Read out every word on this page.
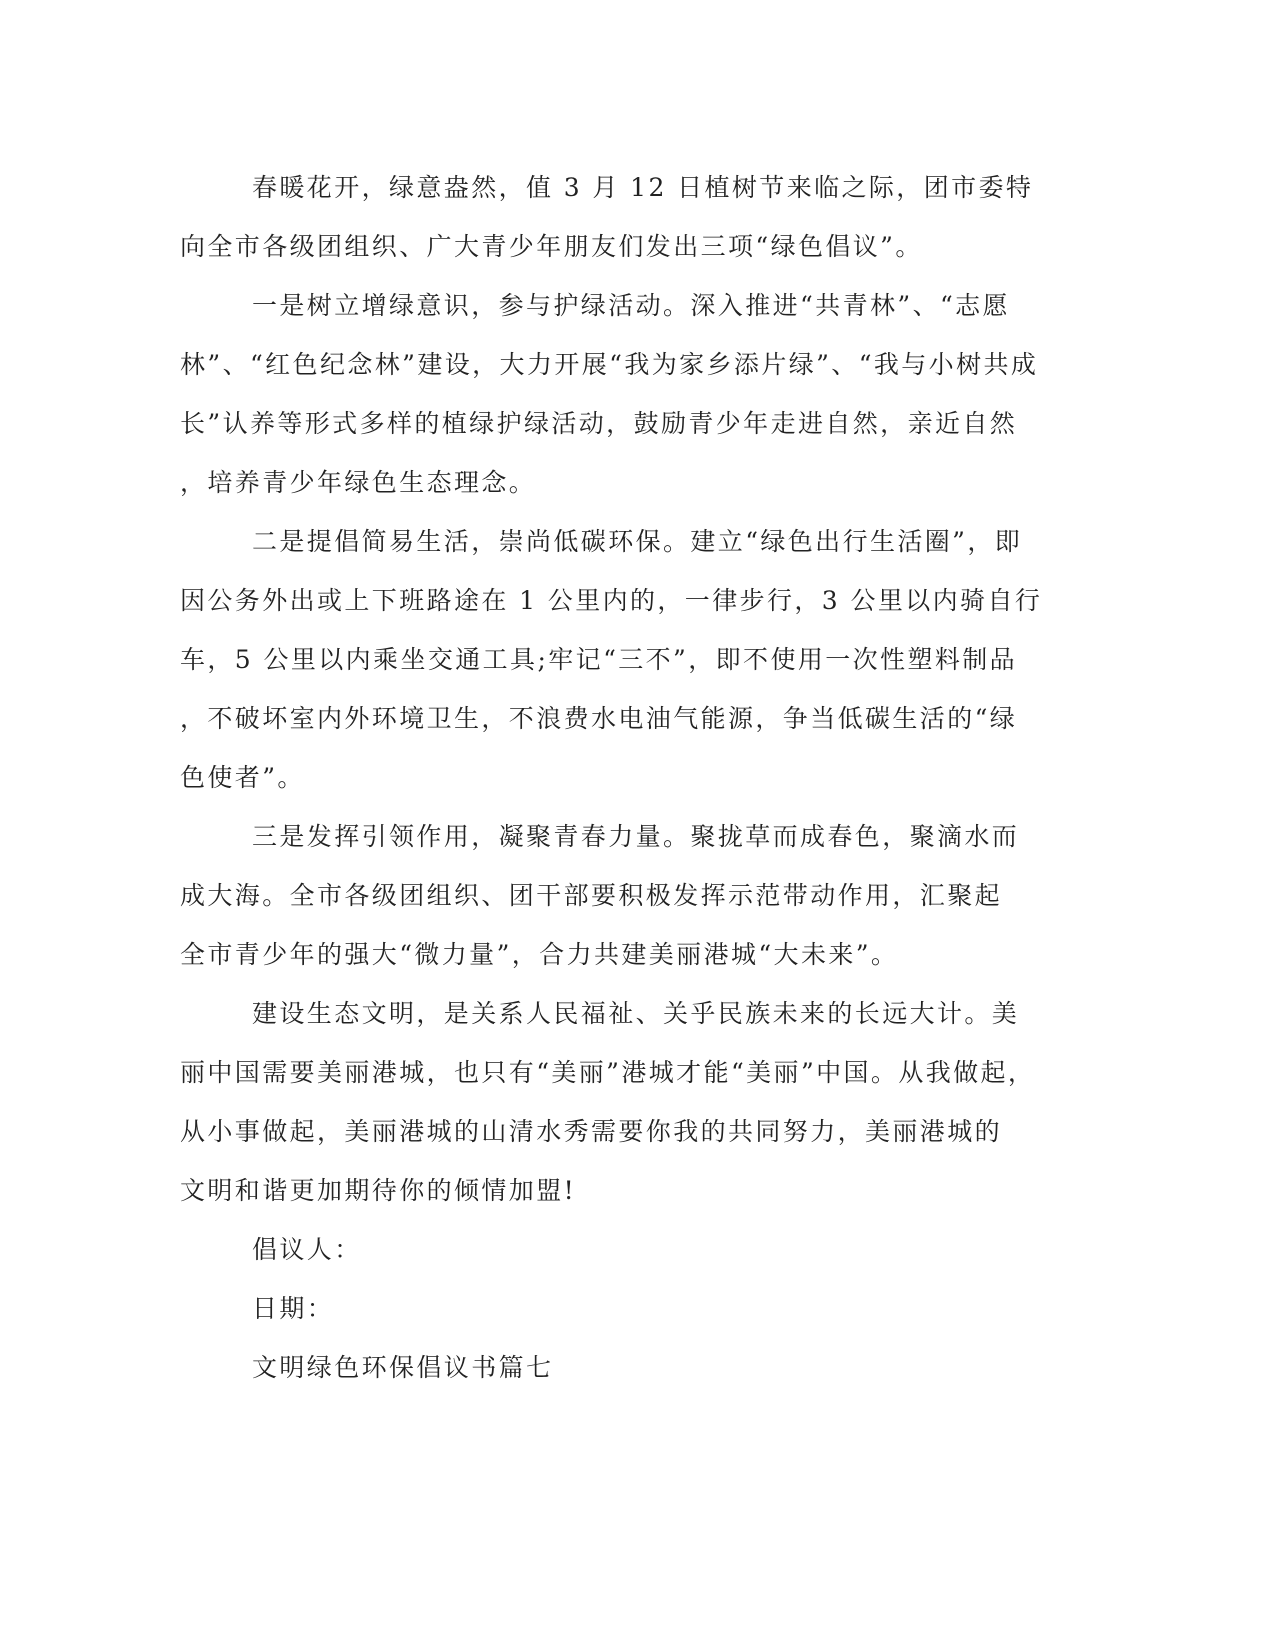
春暖花开，绿意盎然，值 3 月 12 日植树节来临之际，团市委特
向全市各级团组织、广大青少年朋友们发出三项“绿色倡议”。

一是树立增绿意识，参与护绿活动。深入推进“共青林”、“志愿
林”、“红色纪念林”建设，大力开展“我为家乡添片绿”、“我与小树共成
长”认养等形式多样的植绿护绿活动，鼓励青少年走进自然，亲近自然
，培养青少年绿色生态理念。

二是提倡简易生活，崇尚低碳环保。建立“绿色出行生活圈”，即
因公务外出或上下班路途在 1 公里内的，一律步行，3 公里以内骑自行
车，5 公里以内乘坐交通工具;牢记“三不”，即不使用一次性塑料制品
，不破坏室内外环境卫生，不浪费水电油气能源，争当低碳生活的“绿
色使者”。

三是发挥引领作用，凝聚青春力量。聚拢草而成春色，聚滴水而
成大海。全市各级团组织、团干部要积极发挥示范带动作用，汇聚起
全市青少年的强大“微力量”，合力共建美丽港城“大未来”。

建设生态文明，是关系人民福祉、关乎民族未来的长远大计。美
丽中国需要美丽港城，也只有“美丽”港城才能“美丽”中国。从我做起，
从小事做起，美丽港城的山清水秀需要你我的共同努力，美丽港城的
文明和谐更加期待你的倾情加盟!

倡议人：

日期：

文明绿色环保倡议书篇七
